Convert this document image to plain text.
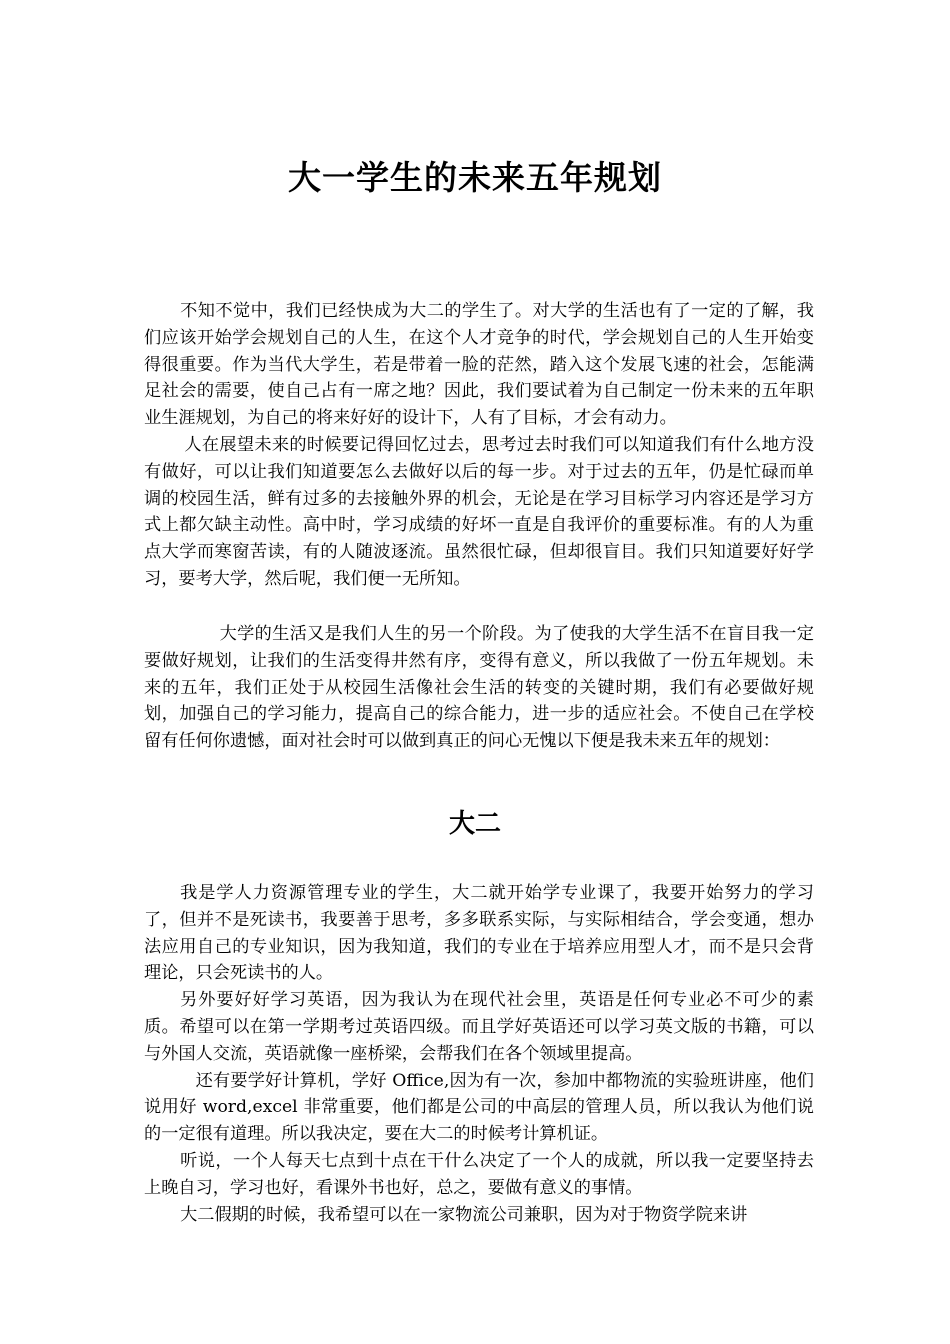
大一学生的未来五年规划

不知不觉中，我们已经快成为大二的学生了。对大学的生活也有了一定的了解，我们应该开始学会规划自己的人生，在这个人才竞争的时代，学会规划自己的人生开始变得很重要。作为当代大学生，若是带着一脸的茫然，踏入这个发展飞速的社会，怎能满足社会的需要，使自己占有一席之地？因此，我们要试着为自己制定一份未来的五年职业生涯规划，为自己的将来好好的设计下，人有了目标，才会有动力。

人在展望未来的时候要记得回忆过去，思考过去时我们可以知道我们有什么地方没有做好，可以让我们知道要怎么去做好以后的每一步。对于过去的五年，仍是忙碌而单调的校园生活，鲜有过多的去接触外界的机会，无论是在学习目标学习内容还是学习方式上都欠缺主动性。高中时，学习成绩的好坏一直是自我评价的重要标准。有的人为重点大学而寒窗苦读，有的人随波逐流。虽然很忙碌，但却很盲目。我们只知道要好好学习，要考大学，然后呢，我们便一无所知。

大学的生活又是我们人生的另一个阶段。为了使我的大学生活不在盲目我一定要做好规划，让我们的生活变得井然有序，变得有意义，所以我做了一份五年规划。未来的五年，我们正处于从校园生活像社会生活的转变的关键时期，我们有必要做好规划，加强自己的学习能力，提高自己的综合能力，进一步的适应社会。不使自己在学校留有任何你遗憾，面对社会时可以做到真正的问心无愧以下便是我未来五年的规划：

大二

我是学人力资源管理专业的学生，大二就开始学专业课了，我要开始努力的学习了，但并不是死读书，我要善于思考，多多联系实际，与实际相结合，学会变通，想办法应用自己的专业知识，因为我知道，我们的专业在于培养应用型人才，而不是只会背理论，只会死读书的人。

另外要好好学习英语，因为我认为在现代社会里，英语是任何专业必不可少的素质。希望可以在第一学期考过英语四级。而且学好英语还可以学习英文版的书籍，可以与外国人交流，英语就像一座桥梁，会帮我们在各个领域里提高。

还有要学好计算机，学好 Office,因为有一次，参加中都物流的实验班讲座，他们说用好 word,excel 非常重要，他们都是公司的中高层的管理人员，所以我认为他们说的一定很有道理。所以我决定，要在大二的时候考计算机证。

听说，一个人每天七点到十点在干什么决定了一个人的成就，所以我一定要坚持去上晚自习，学习也好，看课外书也好，总之，要做有意义的事情。

大二假期的时候，我希望可以在一家物流公司兼职，因为对于物资学院来讲
